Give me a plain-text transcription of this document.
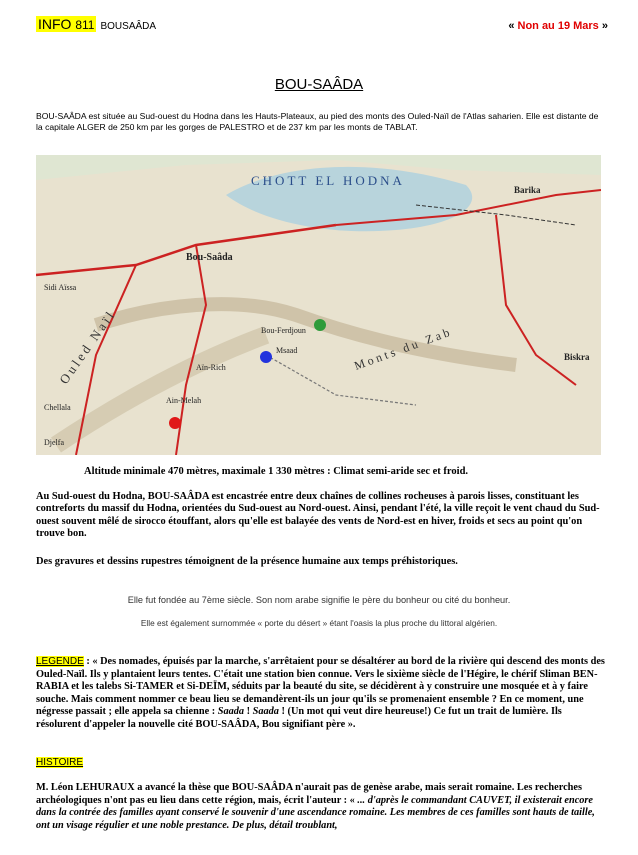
INFO 811 BOUSAÂDA	« Non au 19 Mars »
BOU-SAÂDA
BOU-SAÂDA est située au Sud-ouest du Hodna dans les Hauts-Plateaux, au pied des monts des Ouled-Naïl de l'Atlas saharien. Elle est distante de la capitale ALGER de 250 km par les gorges de PALESTRO et de 237 km par les monts de TABLAT.
CHOTT EL HODNA
Bou-Saâda
Barika
Biskra
Chellala
Djelfa
Ouled Naïl	Monts du Zab
Sidi Aïssa
Aïn-Rich
Ain-Melah
Bou-Ferdjoun
Msaad
Altitude minimale 470 mètres, maximale 1 330 mètres : Climat semi-aride sec et froid.
Au Sud-ouest du Hodna, BOU-SAÂDA est encastrée entre deux chaînes de collines rocheuses à parois lisses, constituant les contreforts du massif du Hodna, orientées du Sud-ouest au Nord-ouest. Ainsi, pendant l'été, la ville reçoit le vent chaud du Sud-ouest souvent mêlé de sirocco étouffant, alors qu'elle est balayée des vents de Nord-est en hiver, froids et secs au point qu'on trouve bon.
Des gravures et dessins rupestres témoignent de la présence humaine aux temps préhistoriques.
Elle fut fondée au 7ème siècle. Son nom arabe signifie le père du bonheur ou cité du bonheur.
Elle est également surnommée « porte du désert » étant l'oasis la plus proche du littoral algérien.
LEGENDE : « Des nomades, épuisés par la marche, s'arrêtaient pour se désaltérer au bord de la rivière qui descend des monts des Ouled-Naïl. Ils y plantaient leurs tentes. C'était une station bien connue. Vers le sixième siècle de l'Hégire, le chérif Sliman BEN-RABIA et les talebs Si-TAMER et Si-DEÏM, séduits par la beauté du site, se décidèrent à y construire une mosquée et à y faire souche. Mais comment nommer ce beau lieu se demandèrent-ils un jour qu'ils se promenaient ensemble ? En ce moment, une négresse passait ; elle appela sa chienne : Saada ! Saada ! (Un mot qui veut dire heureuse!) Ce fut un trait de lumière. Ils résolurent d'appeler la nouvelle cité BOU-SAÂDA, Bou signifiant père ».
HISTOIRE
M. Léon LEHURAUX a avancé la thèse que BOU-SAÂDA n'aurait pas de genèse arabe, mais serait romaine. Les recherches archéologiques n'ont pas eu lieu dans cette région, mais, écrit l'auteur : « ... d'après le commandant CAUVET, il existerait encore dans la contrée des familles ayant conservé le souvenir d'une ascendance romaine. Les membres de ces familles sont hauts de taille, ont un visage régulier et une noble prestance. De plus, détail troublant,
